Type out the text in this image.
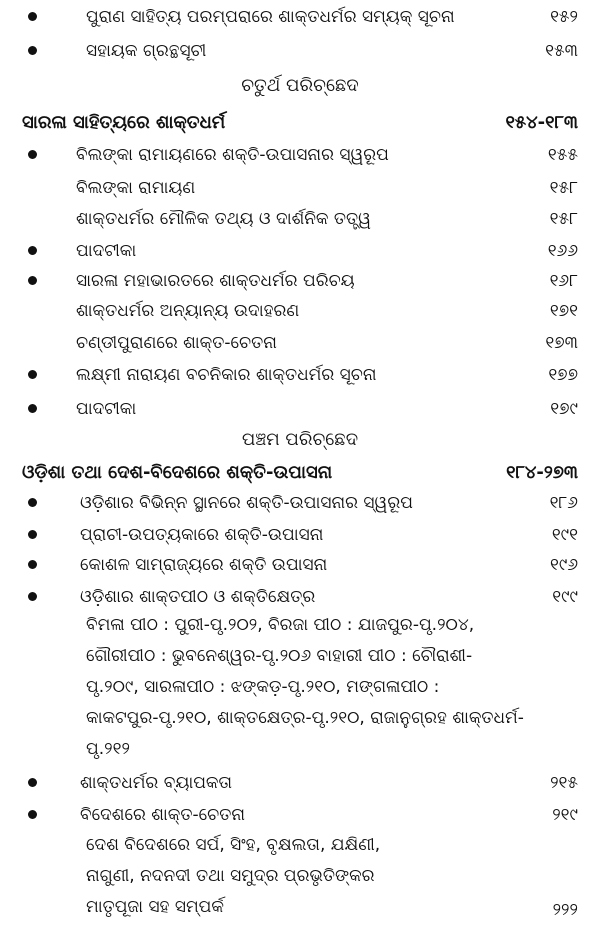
ପୁରାଣ ସାହିତ୍ୟ ପରମ୍ପରାରେ ଶାକ୍ତଧର୍ମର ସମ୍ୟକ୍ ସୂଚନା	୧୫୨
ସହାୟକ ଗ୍ରନ୍ଥସୂଚୀ	୧୫୩
ଚତୁର୍ଥ ପରିଚ୍ଛେଦ
ସାରଳା ସାହିତ୍ୟରେ ଶାକ୍ତଧର୍ମ	୧୫୪-୧୮୩
ବିଲଙ୍କା ରାମାୟଣରେ ଶକ୍ତି-ଉପାସନାର ସ୍ୱରୂପ	୧୫୫
ବିଲଙ୍କା ରାମାୟଣ	୧୫୮
ଶାକ୍ତଧର୍ମର ମୌଳିକ ତଥ୍ୟ ଓ ଦାର୍ଶନିକ ତତ୍ତ୍ୱ	୧୫୮
ପାଦଟୀକା	୧୬୬
ସାରଳା ମହାଭାରତରେ ଶାକ୍ତଧର୍ମର ପରିଚୟ	୧୬୮
ଶାକ୍ତଧର୍ମର ଅନ୍ୟାନ୍ୟ ଉଦାହରଣ	୧୭୧
ଚଣ୍ଡୀପୁରାଣରେ ଶାକ୍ତ-ଚେତନା	୧୭୩
ଲକ୍ଷ୍ମୀ ନାରାୟଣ ବଚନିକାର ଶାକ୍ତଧର୍ମର ସୂଚନା	୧୭୭
ପାଦଟୀକା	୧୭୯
ପଞ୍ଚମ ପରିଚ୍ଛେଦ
ଓଡ଼ିଶା ତଥା ଦେଶ-ବିଦେଶରେ ଶକ୍ତି-ଉପାସନା	୧୮୪-୨୭୩
ଓଡ଼ିଶାର ବିଭିନ୍ନ ସ୍ଥାନରେ ଶକ୍ତି-ଉପାସନାର ସ୍ୱରୂପ	୧୮୬
ପ୍ରାଚୀ-ଉପତ୍ୟକାରେ ଶକ୍ତି-ଉପାସନା	୧୯୧
କୋଶଳ ସାମ୍ରାଜ୍ୟରେ ଶକ୍ତି ଉପାସନା	୧୯୬
ଓଡ଼ିଶାର ଶାକ୍ତପୀଠ ଓ ଶକ୍ତିକ୍ଷେତ୍ର	୧୯୯
ବିମଳା ପୀଠ : ପୁରୀ-ପୃ.୨୦୨, ବିରଜା ପୀଠ : ଯାଜପୁର-ପୃ.୨୦୪,
ଗୌରୀପୀଠ : ଭୁବନେଶ୍ୱର-ପୃ.୨୦୬ ବାହାରୀ ପୀଠ : ଚୌରାଶୀ-
ପୃ.୨୦୯, ସାରଳାପୀଠ : ଝଙ୍କଡ଼-ପୃ.୨୧୦, ମଙ୍ଗଳାପୀଠ :
କାକଟପୁର-ପୃ.୨୧୦, ଶାକ୍ତକ୍ଷେତ୍ର-ପୃ.୨୧୦, ରାଜାନୁଗ୍ରହ ଶାକ୍ତଧର୍ମ-
ପୃ.୨୧୨
ଶାକ୍ତଧର୍ମର ବ୍ୟାପକତା	୨୧୫
ବିଦେଶରେ ଶାକ୍ତ-ଚେତନା	୨୧୯
ଦେଶ ବିଦେଶରେ ସର୍ପ, ସିଂହ, ବୃକ୍ଷଲତା, ଯକ୍ଷିଣୀ,
ନାଗୁଣୀ, ନଦନଦୀ ତଥା ସମୁଦ୍ର ପ୍ରଭୃତିଙ୍କର
ମାତୃପୂଜା ସହ ସମ୍ପର୍କ	୨୨୨
